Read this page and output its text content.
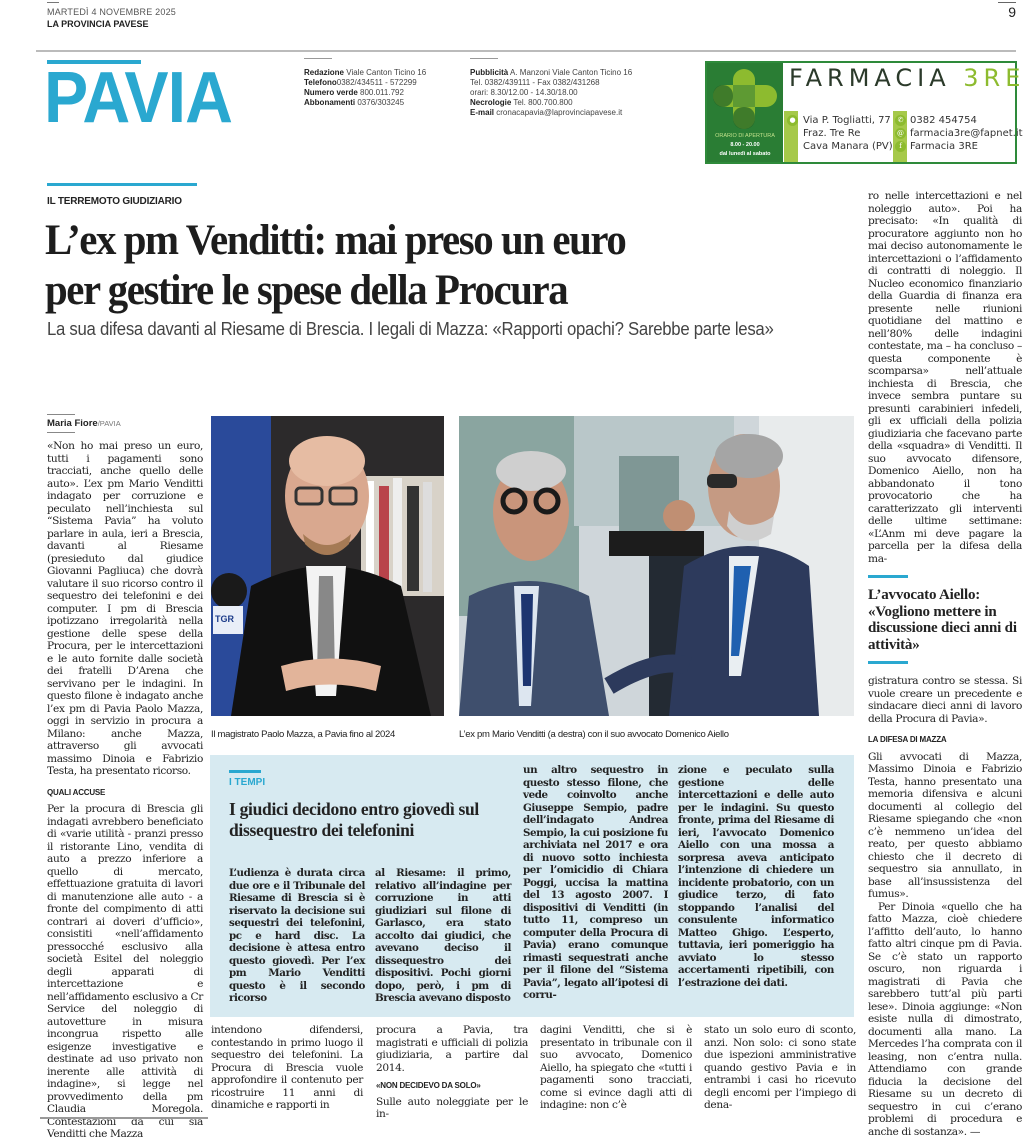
MARTEDÌ 4 NOVEMBRE 2025
LA PROVINCIA PAVESE
9
PAVIA	Redazione Viale Canton Ticino 16
Telefono0382/434511 - 572299
Numero verde 800.011.792
Abbonamenti 0376/303245
Pubblicità A. Manzoni Viale Canton Ticino 16
Tel. 0382/439111 - Fax 0382/431268
orari: 8.30/12.00 - 14.30/18.00
Necrologie Tel. 800.700.800
E-mail cronacapavia@laprovinciapavese.it
ORARIO DI APERTURA
8.00 - 20.00
dal lunedì al sabato
FARMACIA 3RE
● Via P. Togliatti, 77
Fraz. Tre Re
Cava Manara (PV)
✆
@
f
0382 454754
farmacia3re@fapnet.it
Farmacia 3RE
IL TERREMOTO GIUDIZIARIO
L’ex pm Venditti: mai preso un euro
per gestire le spese della Procura
La sua difesa davanti al Riesame di Brescia. I legali di Mazza: «Rapporti opachi? Sarebbe parte lesa»
Maria Fiore/PAVIA

«Non ho mai preso un euro, tutti i pagamenti sono tracciati, anche quello delle auto». L’ex pm Mario Venditti indagato per corruzione e peculato nell’inchiesta sul “Sistema Pavia” ha voluto parlare in aula, ieri a Brescia, davanti al Riesame (presieduto dal giudice Giovanni Pagliuca) che dovrà valutare il suo ricorso contro il sequestro dei telefonini e dei computer. I pm di Brescia ipotizzano irregolarità nella gestione delle spese della Procura, per le intercettazioni e le auto fornite dalle società dei fratelli D’Arena che servivano per le indagini. In questo filone è indagato anche l’ex pm di Pavia Paolo Mazza, oggi in servizio in procura a Milano: anche Mazza, attraverso gli avvocati massimo Dinoia e Fabrizio Testa, ha presentato ricorso.

QUALI ACCUSE

Per la procura di Brescia gli indagati avrebbero beneficiato di «varie utilità - pranzi presso il ristorante Lino, vendita di auto a prezzo inferiore a quello di mercato, effettuazione gratuita di lavori di manutenzione alle auto - a fronte del compimento di atti contrari ai doveri d’ufficio», consistiti «nell’affidamento pressocché esclusivo alla società Esitel del noleggio degli apparati di intercettazione e nell’affidamento esclusivo a Cr Service del noleggio di autovetture in misura incongrua rispetto alle esigenze investigative e destinate ad uso privato non inerente alle attività di indagine», si legge nel provvedimento della pm Claudia Moregola. Contestazioni da cui sia Venditti che Mazza

TGR
Il magistrato Paolo Mazza, a Pavia fino al 2024	L’ex pm Mario Venditti (a destra) con il suo avvocato Domenico Aiello
I TEMPI
I giudici decidono entro giovedì sul dissequestro dei telefonini
L’udienza è durata circa due ore e il Tribunale del Riesame di Brescia si è riservato la decisione sui sequestri dei telefonini, pc e hard disc. La decisione è attesa entro questo giovedì. Per l’ex pm Mario Venditti questo è il secondo ricorso
al Riesame: il primo, relativo all’indagine per corruzione in atti giudiziari sul filone di Garlasco, era stato accolto dai giudici, che avevano deciso il dissequestro dei dispositivi. Pochi giorni dopo, però, i pm di Brescia avevano disposto
un altro sequestro in questo stesso filone, che vede coinvolto anche Giuseppe Sempio, padre dell’indagato Andrea Sempio, la cui posizione fu archiviata nel 2017 e ora di nuovo sotto inchiesta per l’omicidio di Chiara Poggi, uccisa la mattina del 13 agosto 2007. I dispositivi di Venditti (in tutto 11, compreso un computer della Procura di Pavia) erano comunque rimasti sequestrati anche per il filone del “Sistema Pavia”, legato all’ipotesi di corru-
zione e peculato sulla gestione delle intercettazioni e delle auto per le indagini. Su questo fronte, prima del Riesame di ieri, l’avvocato Domenico Aiello con una mossa a sorpresa aveva anticipato l’intenzione di chiedere un incidente probatorio, con un giudice terzo, di fato stoppando l’analisi del consulente informatico Matteo Ghigo. L’esperto, tuttavia, ieri pomeriggio ha avviato lo stesso accertamenti ripetibili, con l’estrazione dei dati.
intendono difendersi, contestando in primo luogo il sequestro dei telefonini. La Procura di Brescia vuole approfondire il contenuto per ricostruire 11 anni di dinamiche e rapporti in

procura a Pavia, tra magistrati e ufficiali di polizia giudiziaria, a partire dal 2014.

«NON DECIDEVO DA SOLO»

Sulle auto noleggiate per le in-

dagini Venditti, che si è presentato in tribunale con il suo avvocato, Domenico Aiello, ha spiegato che «tutti i pagamenti sono tracciati, come si evince dagli atti di indagine: non c’è
stato un solo euro di sconto, anzi. Non solo: ci sono state due ispezioni amministrative quando gestivo Pavia e in entrambi i casi ho ricevuto degli encomi per l’impiego di dena-
ro nelle intercettazioni e nel noleggio auto». Poi ha precisato: «In qualità di procuratore aggiunto non ho mai deciso autonomamente le intercettazioni o l’affidamento di contratti di noleggio. Il Nucleo economico finanziario della Guardia di finanza era presente nelle riunioni quotidiane del mattino e nell’80% delle indagini contestate, ma – ha concluso – questa componente è scomparsa» nell’attuale inchiesta di Brescia, che invece sembra puntare su presunti carabinieri infedeli, gli ex ufficiali della polizia giudiziaria che facevano parte della «squadra» di Venditti. Il suo avvocato difensore, Domenico Aiello, non ha abbandonato il tono provocatorio che ha caratterizzato gli interventi delle ultime settimane: «L’Anm mi deve pagare la parcella per la difesa della ma-
L’avvocato Aiello: «Vogliono mettere in discussione dieci anni di attività»

gistratura contro se stessa. Si vuole creare un precedente e sindacare dieci anni di lavoro della Procura di Pavia».

LA DIFESA DI MAZZA

Gli avvocati di Mazza, Massimo Dinoia e Fabrizio Testa, hanno presentato una memoria difensiva e alcuni documenti al collegio del Riesame spiegando che «non c’è nemmeno un’idea del reato, per questo abbiamo chiesto che il decreto di sequestro sia annullato, in base all’insussistenza del fumus».

Per Dinoia «quello che ha fatto Mazza, cioè chiedere l’affitto dell’auto, lo hanno fatto altri cinque pm di Pavia. Se c’è stato un rapporto oscuro, non riguarda i magistrati di Pavia che sarebbero tutt’al più parti lese». Dinoia aggiunge: «Non esiste nulla di dimostrato, documenti alla mano. La Mercedes l’ha comprata con il leasing, non c’entra nulla. Attendiamo con grande fiducia la decisione del Riesame su un decreto di sequestro in cui c’erano problemi di procedura e anche di sostanza». —
